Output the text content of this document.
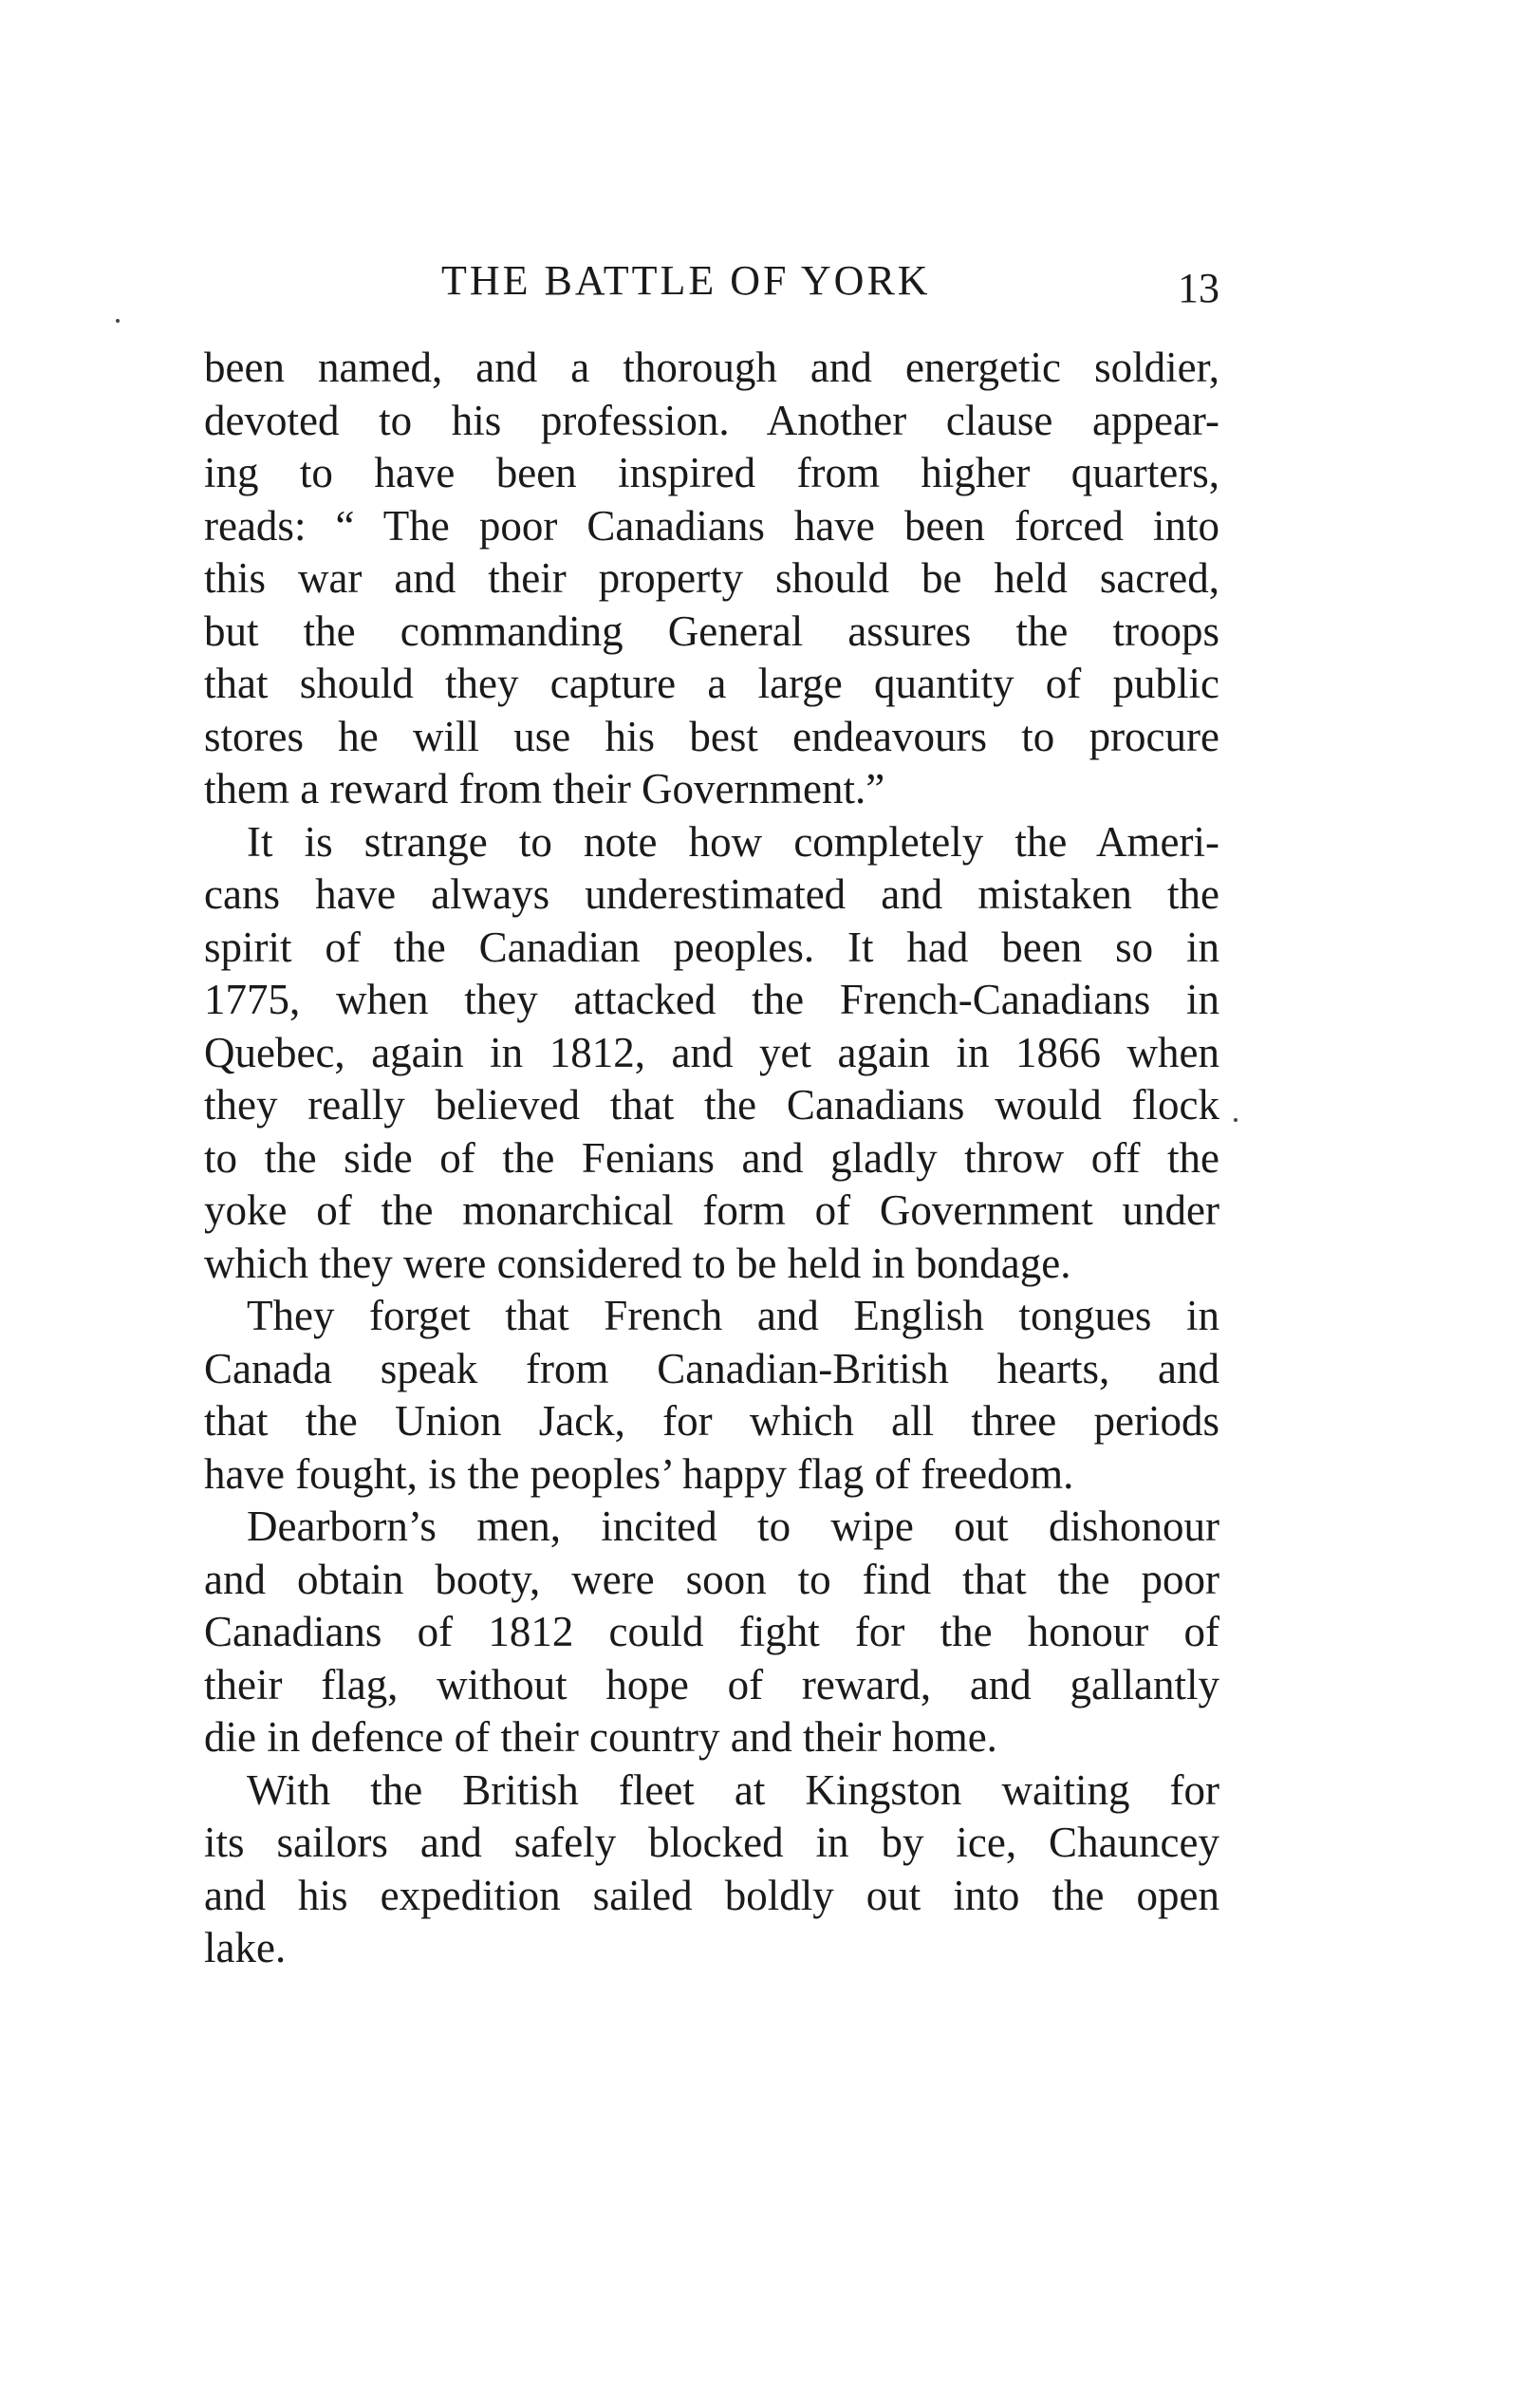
THE BATTLE OF YORK	13
been named, and a thorough and energetic soldier,
devoted to his profession. Another clause appear-
ing to have been inspired from higher quarters,
reads: “ The poor Canadians have been forced into
this war and their property should be held sacred,
but the commanding General assures the troops
that should they capture a large quantity of public
stores he will use his best endeavours to procure
them a reward from their Government.”
It is strange to note how completely the Ameri-
cans have always underestimated and mistaken the
spirit of the Canadian peoples. It had been so in
1775, when they attacked the French-Canadians in
Quebec, again in 1812, and yet again in 1866 when
they really believed that the Canadians would flock
to the side of the Fenians and gladly throw off the
yoke of the monarchical form of Government under
which they were considered to be held in bondage.
They forget that French and English tongues in
Canada speak from Canadian-British hearts, and
that the Union Jack, for which all three periods
have fought, is the peoples’ happy flag of freedom.
Dearborn’s men, incited to wipe out dishonour
and obtain booty, were soon to find that the poor
Canadians of 1812 could fight for the honour of
their flag, without hope of reward, and gallantly
die in defence of their country and their home.
With the British fleet at Kingston waiting for
its sailors and safely blocked in by ice, Chauncey
and his expedition sailed boldly out into the open
lake.
